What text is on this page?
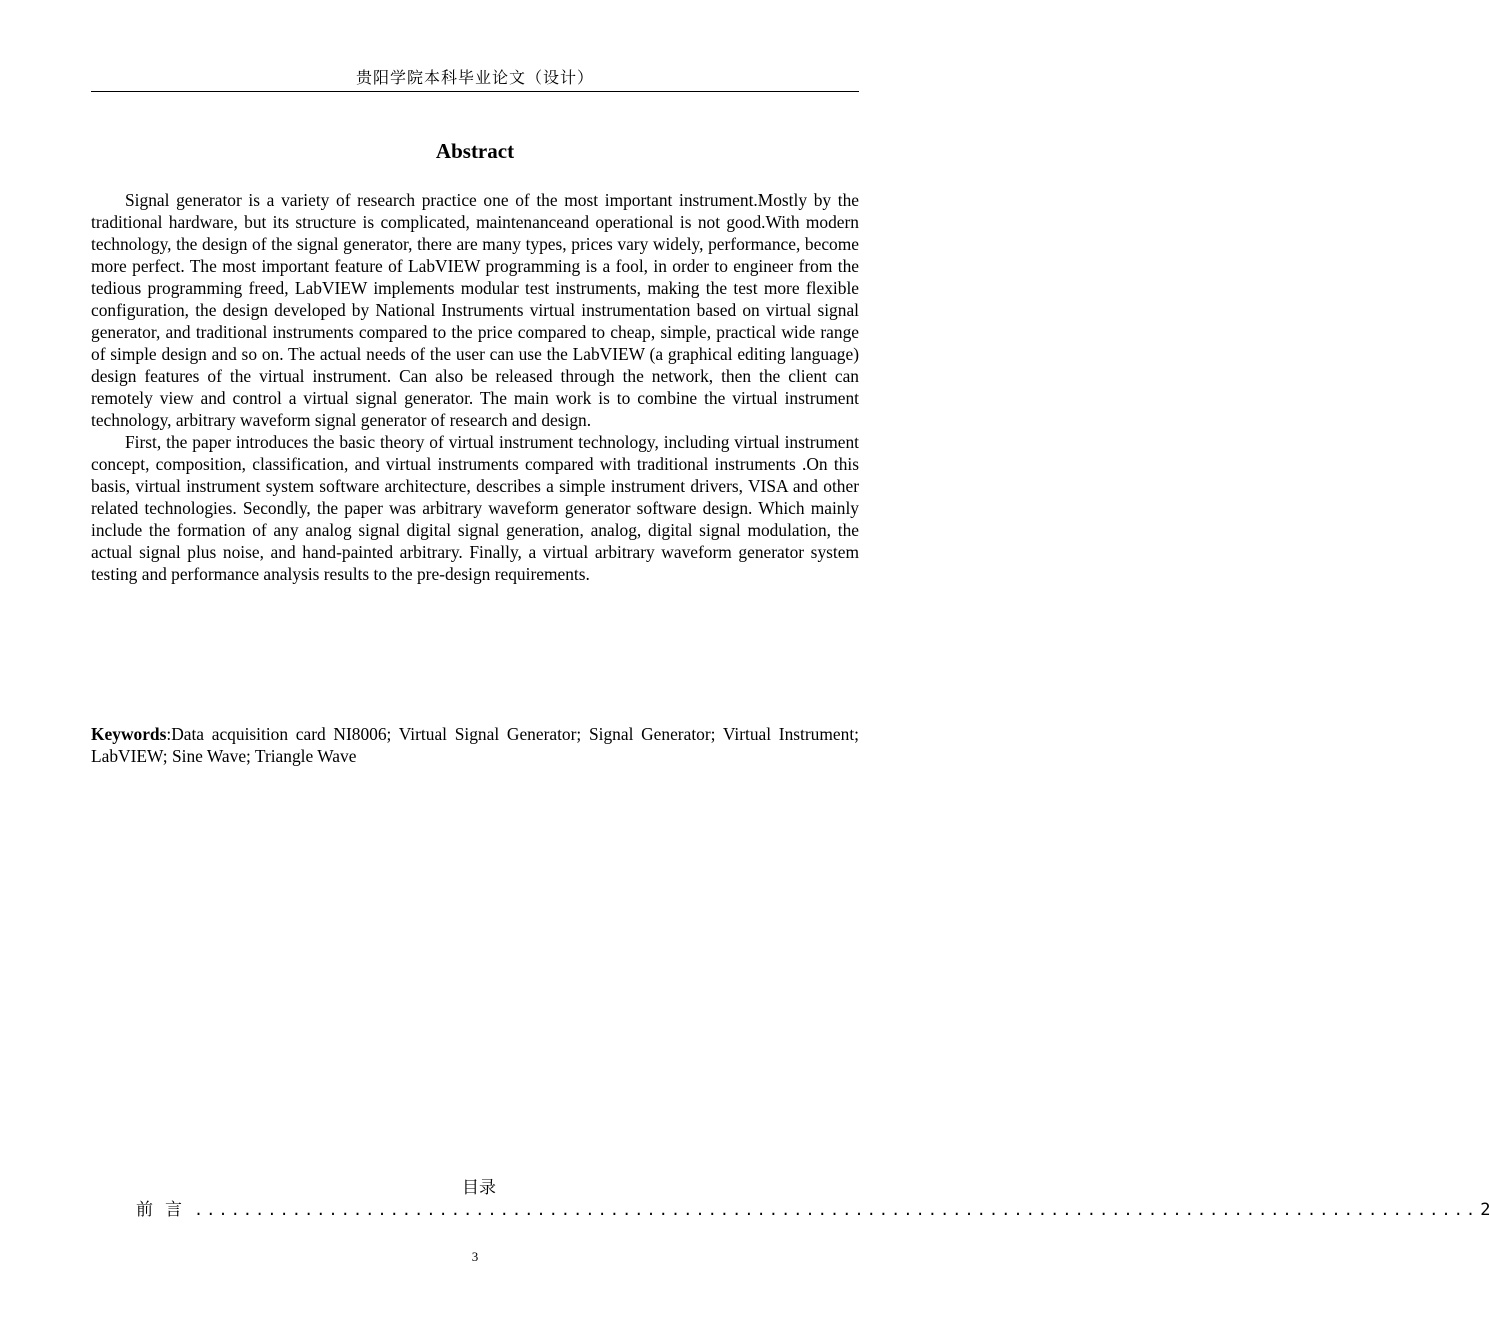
贵阳学院本科毕业论文（设计）
Abstract

Signal generator is a variety of research practice one of the most important instrument.Mostly by the traditional hardware, but its structure is complicated, maintenanceand operational is not good.With modern technology, the design of the signal generator, there are many types, prices vary widely, performance, become more perfect. The most important feature of LabVIEW programming is a fool, in order to engineer from the tedious programming freed, LabVIEW implements modular test instruments, making the test more flexible configuration, the design developed by National Instruments virtual instrumentation based on virtual signal generator, and traditional instruments compared to the price compared to cheap, simple, practical wide range of simple design and so on. The actual needs of the user can use the LabVIEW (a graphical editing language) design features of the virtual instrument. Can also be released through the network, then the client can remotely view and control a virtual signal generator. The main work is to combine the virtual instrument technology, arbitrary waveform signal generator of research and design.

First, the paper introduces the basic theory of virtual instrument technology, including virtual instrument concept, composition, classification, and virtual instruments compared with traditional instruments .On this basis, virtual instrument system software architecture, describes a simple instrument drivers, VISA and other related technologies. Secondly, the paper was arbitrary waveform generator software design. Which mainly include the formation of any analog signal digital signal generation, analog, digital signal modulation, the actual signal plus noise, and hand-painted arbitrary. Finally, a virtual arbitrary waveform generator system testing and performance analysis results to the pre-design requirements.

Keywords:Data acquisition card NI8006; Virtual Signal Generator; Signal Generator; Virtual Instrument; LabVIEW; Sine Wave; Triangle Wave
目录
前言 ......................................................................................................... 2
3
